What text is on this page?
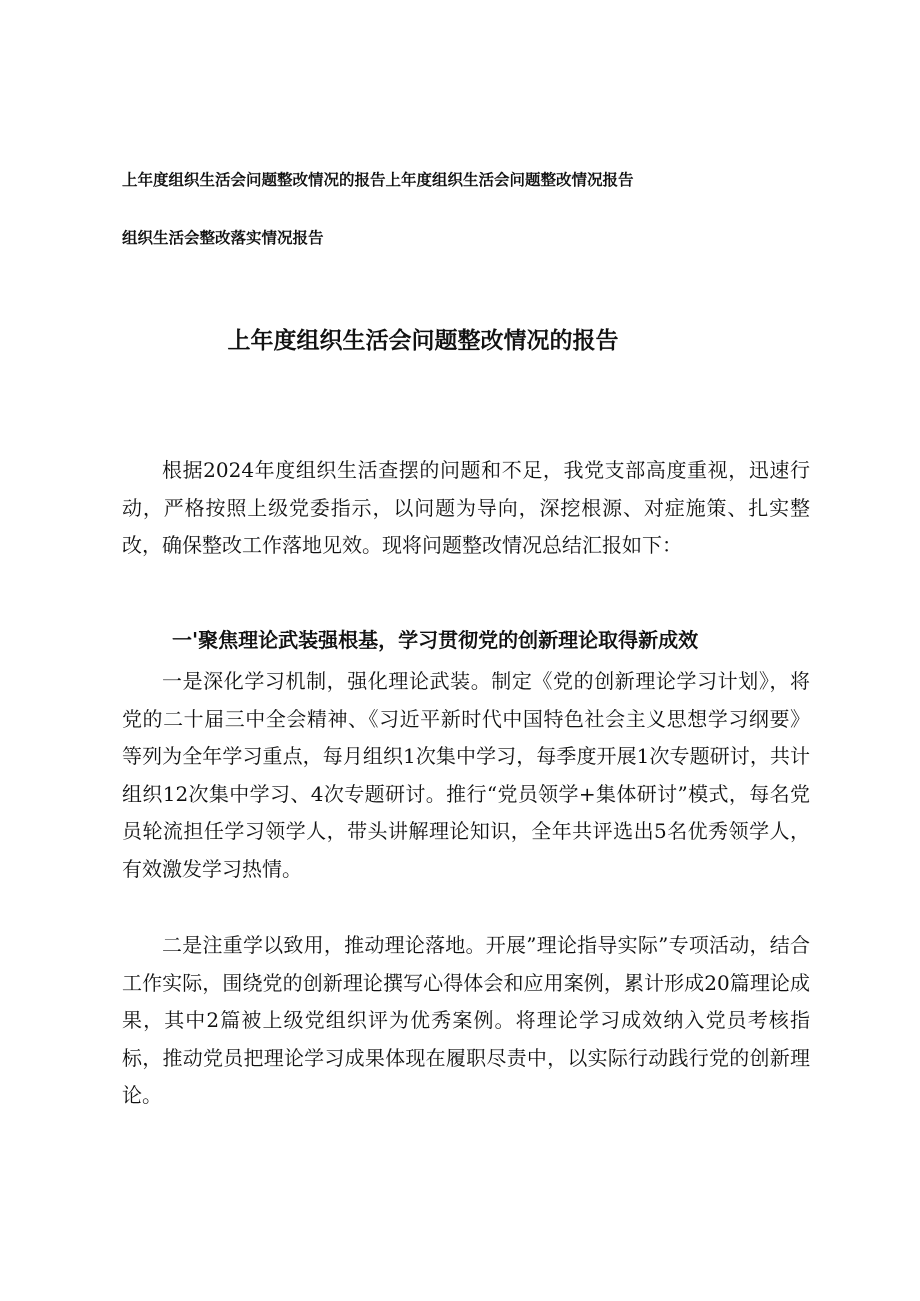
上年度组织生活会问题整改情况的报告上年度组织生活会问题整改情况报告
组织生活会整改落实情况报告
上年度组织生活会问题整改情况的报告

根据2024年度组织生活查摆的问题和不足，我党支部高度重视，迅速行动，严格按照上级党委指示，以问题为导向，深挖根源、对症施策、扎实整改，确保整改工作落地见效。现将问题整改情况总结汇报如下：

一'聚焦理论武装强根基，学习贯彻党的创新理论取得新成效

一是深化学习机制，强化理论武装。制定《党的创新理论学习计划》，将党的二十届三中全会精神、《习近平新时代中国特色社会主义思想学习纲要》等列为全年学习重点，每月组织1次集中学习，每季度开展1次专题研讨，共计组织12次集中学习、4次专题研讨。推行“党员领学+集体研讨”模式，每名党员轮流担任学习领学人，带头讲解理论知识，全年共评选出5名优秀领学人，有效激发学习热情。

二是注重学以致用，推动理论落地。开展”理论指导实际”专项活动，结合工作实际，围绕党的创新理论撰写心得体会和应用案例，累计形成20篇理论成果，其中2篇被上级党组织评为优秀案例。将理论学习成效纳入党员考核指标，推动党员把理论学习成果体现在履职尽责中，以实际行动践行党的创新理论。
